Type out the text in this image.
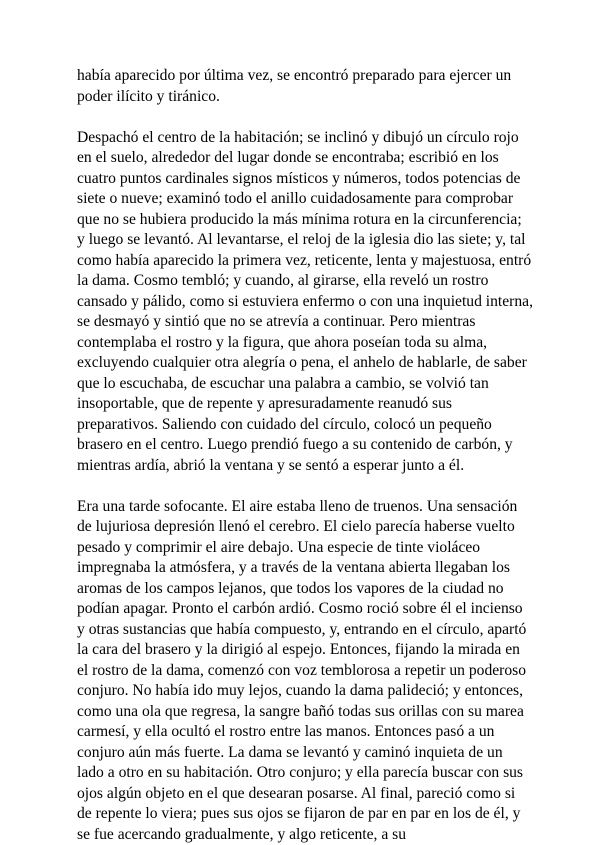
había aparecido por última vez, se encontró preparado para ejercer un poder ilícito y tiránico.

Despachó el centro de la habitación; se inclinó y dibujó un círculo rojo en el suelo, alrededor del lugar donde se encontraba; escribió en los cuatro puntos cardinales signos místicos y números, todos potencias de siete o nueve; examinó todo el anillo cuidadosamente para comprobar que no se hubiera producido la más mínima rotura en la circunferencia; y luego se levantó. Al levantarse, el reloj de la iglesia dio las siete; y, tal como había aparecido la primera vez, reticente, lenta y majestuosa, entró la dama. Cosmo tembló; y cuando, al girarse, ella reveló un rostro cansado y pálido, como si estuviera enfermo o con una inquietud interna, se desmayó y sintió que no se atrevía a continuar. Pero mientras contemplaba el rostro y la figura, que ahora poseían toda su alma, excluyendo cualquier otra alegría o pena, el anhelo de hablarle, de saber que lo escuchaba, de escuchar una palabra a cambio, se volvió tan insoportable, que de repente y apresuradamente reanudó sus preparativos. Saliendo con cuidado del círculo, colocó un pequeño brasero en el centro. Luego prendió fuego a su contenido de carbón, y mientras ardía, abrió la ventana y se sentó a esperar junto a él.

Era una tarde sofocante. El aire estaba lleno de truenos. Una sensación de lujuriosa depresión llenó el cerebro. El cielo parecía haberse vuelto pesado y comprimir el aire debajo. Una especie de tinte violáceo impregnaba la atmósfera, y a través de la ventana abierta llegaban los aromas de los campos lejanos, que todos los vapores de la ciudad no podían apagar. Pronto el carbón ardió. Cosmo roció sobre él el incienso y otras sustancias que había compuesto, y, entrando en el círculo, apartó la cara del brasero y la dirigió al espejo. Entonces, fijando la mirada en el rostro de la dama, comenzó con voz temblorosa a repetir un poderoso conjuro. No había ido muy lejos, cuando la dama palideció; y entonces, como una ola que regresa, la sangre bañó todas sus orillas con su marea carmesí, y ella ocultó el rostro entre las manos. Entonces pasó a un conjuro aún más fuerte. La dama se levantó y caminó inquieta de un lado a otro en su habitación. Otro conjuro; y ella parecía buscar con sus ojos algún objeto en el que desearan posarse. Al final, pareció como si de repente lo viera; pues sus ojos se fijaron de par en par en los de él, y se fue acercando gradualmente, y algo reticente, a su
